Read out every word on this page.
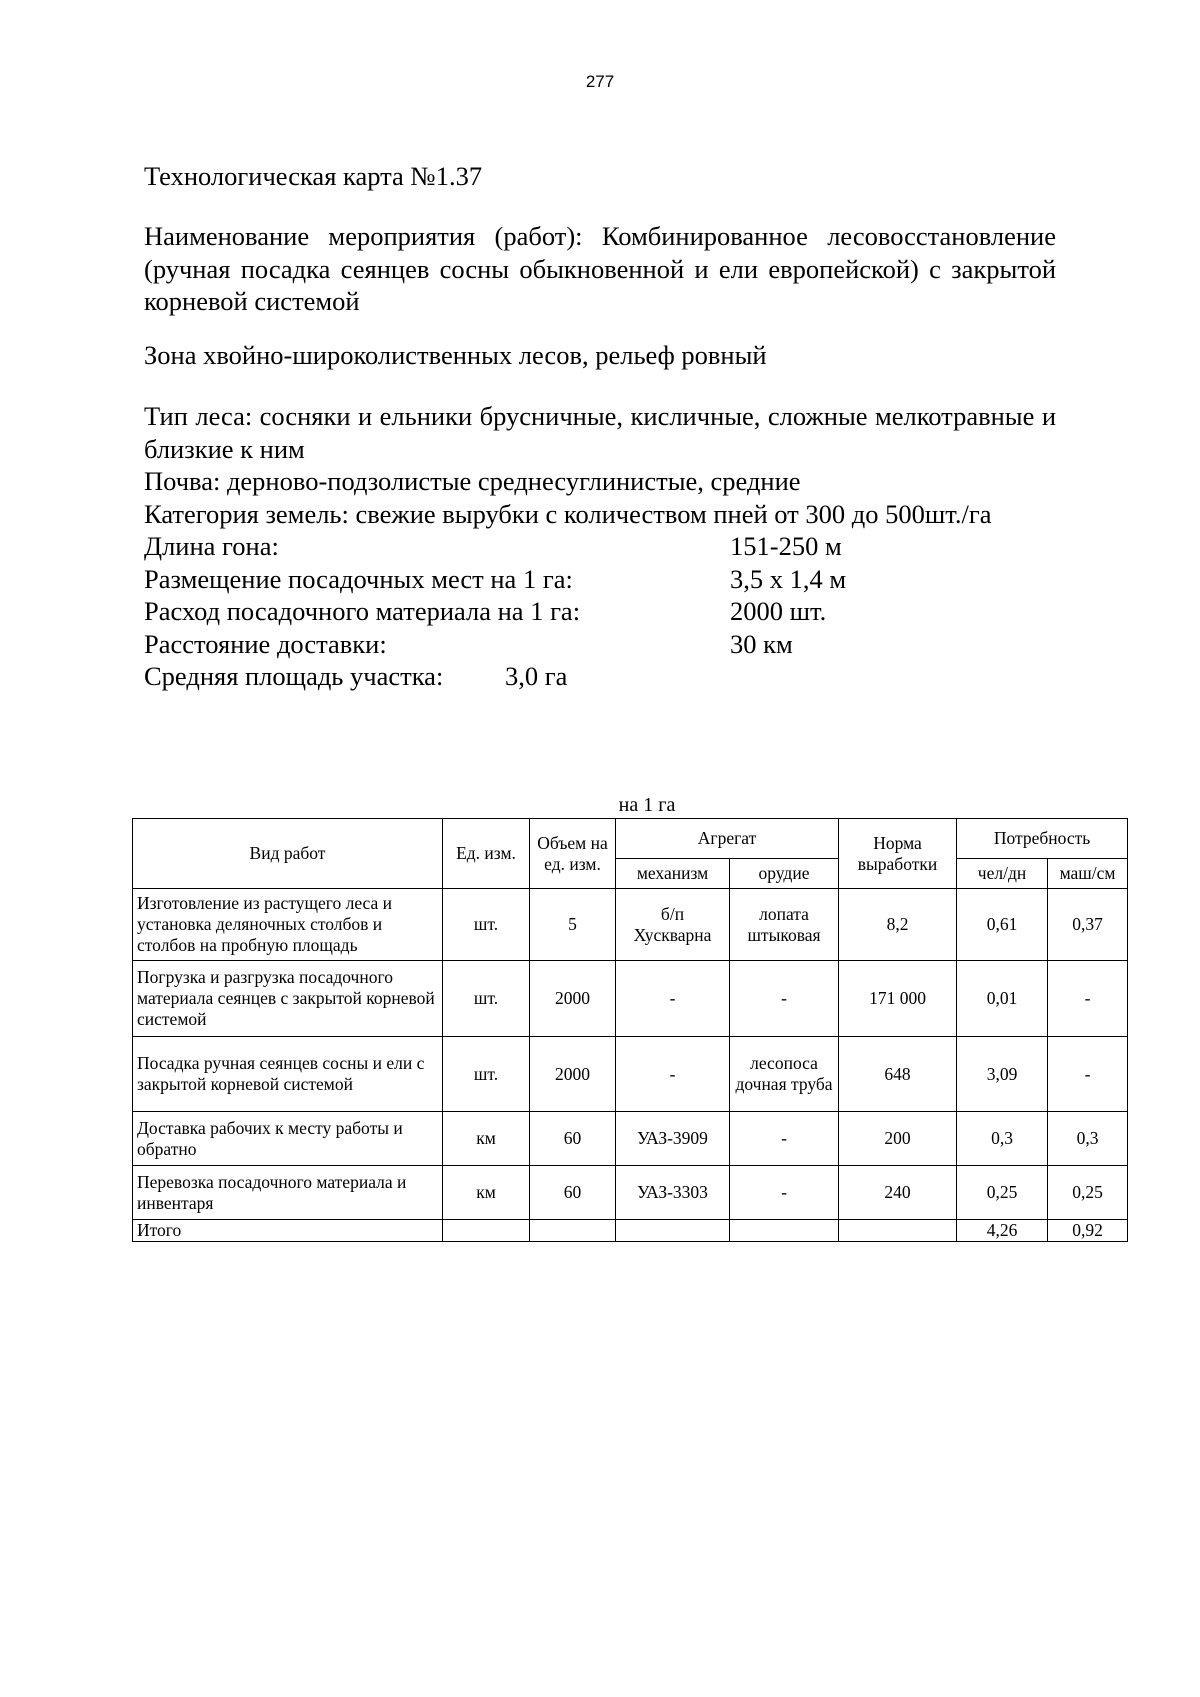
277
Технологическая карта №1.37
Наименование мероприятия (работ): Комбинированное лесовосстановление (ручная посадка сеянцев сосны обыкновенной и ели европейской) с закрытой корневой системой
Зона хвойно-широколиственных лесов, рельеф ровный
Тип леса: сосняки и ельники брусничные, кисличные, сложные мелкотравные и близкие к ним
Почва: дерново-подзолистые среднесуглинистые, средние
Категория земель: свежие вырубки с количеством пней от 300 до 500шт./га
Длина гона:	151-250 м
Размещение посадочных мест на 1 га:	3,5 х 1,4 м
Расход посадочного материала на 1 га:	2000 шт.
Расстояние доставки:	30 км
Средняя площадь участка:	3,0 га
на 1 га
Вид работ	Ед. изм.	Объем на ед. изм.	Агрегат		Норма выработки	Потребность	
			механизм	орудие		чел/дн	маш/см
Изготовление из растущего леса и установка деляночных столбов и столбов на пробную площадь	шт.	5	б/п Хускварна	лопата штыковая	8,2	0,61	0,37
Погрузка и разгрузка посадочного материала сеянцев с закрытой корневой системой	шт.	2000	-	-	171 000	0,01	-
Посадка ручная сеянцев сосны и ели с закрытой корневой системой	шт.	2000	-	лесопоса дочная труба	648	3,09	-
Доставка рабочих к месту работы и обратно	км	60	УАЗ-3909	-	200	0,3	0,3
Перевозка посадочного материала и инвентаря	км	60	УАЗ-3303	-	240	0,25	0,25
Итого						4,26	0,92
